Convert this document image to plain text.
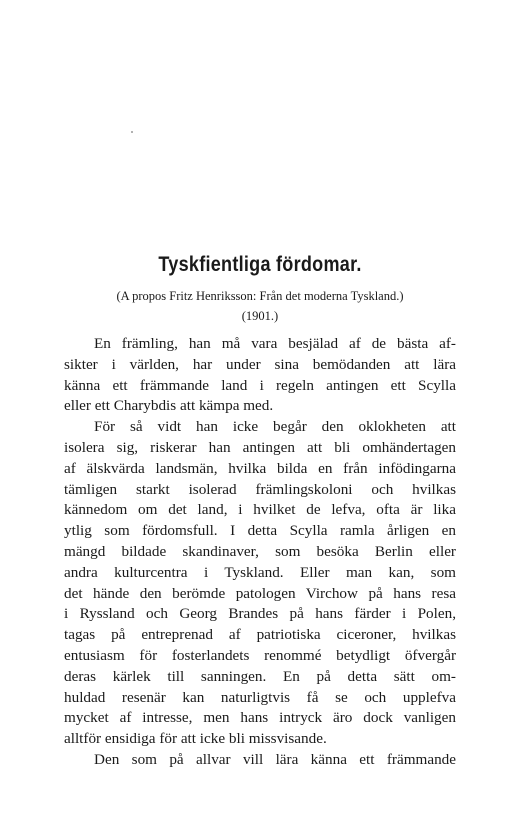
Tyskfientliga fördomar.

(A propos Fritz Henriksson: Från det moderna Tyskland.)

(1901.)

En främling, han må vara besjälad af de bästa af-
sikter i världen, har under sina bemödanden att lära
känna ett främmande land i regeln antingen ett Scylla
eller ett Charybdis att kämpa med.
För så vidt han icke begår den oklokheten att
isolera sig, riskerar han antingen att bli omhändertagen
af älskvärda landsmän, hvilka bilda en från infödingarna
tämligen starkt isolerad främlingskoloni och hvilkas
kännedom om det land, i hvilket de lefva, ofta är lika
ytlig som fördomsfull. I detta Scylla ramla årligen en
mängd bildade skandinaver, som besöka Berlin eller
andra kulturcentra i Tyskland. Eller man kan, som
det hände den berömde patologen Virchow på hans resa
i Ryssland och Georg Brandes på hans färder i Polen,
tagas på entreprenad af patriotiska ciceroner, hvilkas
entusiasm för fosterlandets renommé betydligt öfvergår
deras kärlek till sanningen. En på detta sätt om-
huldad resenär kan naturligtvis få se och upplefva
mycket af intresse, men hans intryck äro dock vanligen
alltför ensidiga för att icke bli missvisande.
Den som på allvar vill lära känna ett främmande
